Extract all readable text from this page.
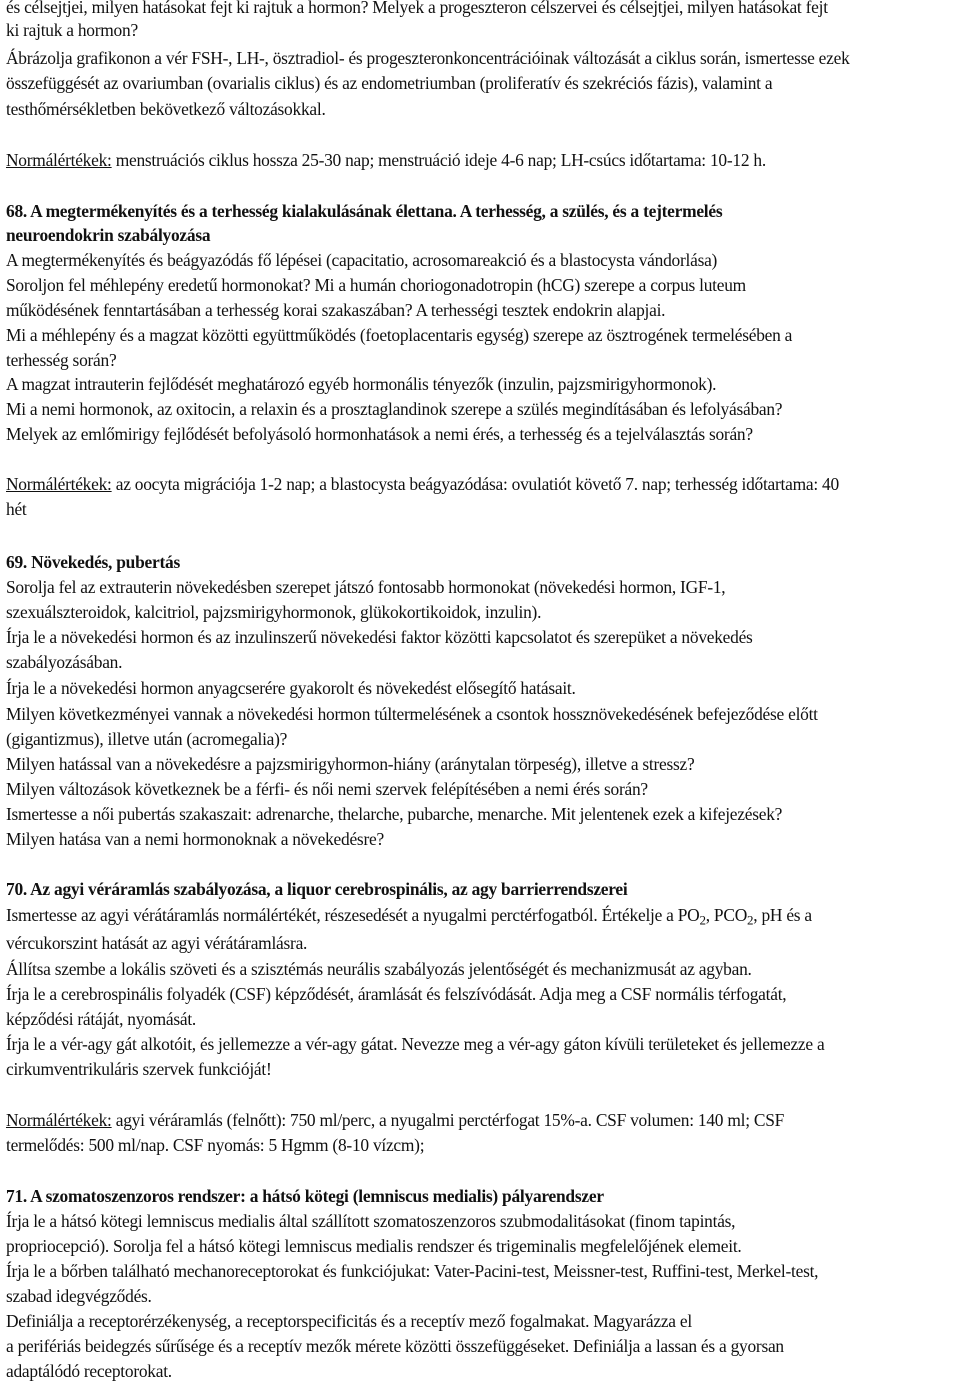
és célsejtjei, milyen hatásokat fejt ki rajtuk a hormon? Melyek a progeszteron célszervei és célsejtjei, milyen hatásokat fejt
ki rajtuk a hormon?
Ábrázolja grafikonon a vér FSH-, LH-, ösztradiol- és progeszteronkoncentrációinak változását a ciklus során, ismertesse ezek
összefüggését az ovariumban (ovarialis ciklus) és az endometriumban (proliferatív és szekréciós fázis), valamint a
testhőmérsékletben bekövetkező változásokkal.
Normálértékek: menstruációs ciklus hossza 25-30 nap; menstruáció ideje 4-6 nap; LH-csúcs időtartama: 10-12 h.
68. A megtermékenyítés és a terhesség kialakulásának élettana. A terhesség, a szülés, és a tejtermelés
neuroendokrin szabályozása
A megtermékenyítés és beágyazódás fő lépései (capacitatio, acrosomareakció és a blastocysta vándorlása)
Soroljon fel méhlepény eredetű hormonokat? Mi a humán choriogonadotropin (hCG) szerepe a corpus luteum
működésének fenntartásában a terhesség korai szakaszában? A terhességi tesztek endokrin alapjai.
Mi a méhlepény és a magzat közötti együttműködés (foetoplacentaris egység) szerepe az ösztrogének termelésében a
terhesség során?
A magzat intrauterin fejlődését meghatározó egyéb hormonális tényezők (inzulin, pajzsmirigyhormonok).
Mi a nemi hormonok, az oxitocin, a relaxin és a prosztaglandinok szerepe a szülés megindításában és lefolyásában?
Melyek az emlőmirigy fejlődését befolyásoló hormonhatások a nemi érés, a terhesség és a tejelválasztás során?
Normálértékek: az oocyta migrációja 1-2 nap; a blastocysta beágyazódása: ovulatiót követő 7. nap; terhesség időtartama: 40
hét
69. Növekedés, pubertás
Sorolja fel az extrauterin növekedésben szerepet játszó fontosabb hormonokat (növekedési hormon, IGF-1,
szexuálszteroidok, kalcitriol, pajzsmirigyhormonok, glükokortikoidok, inzulin).
Írja le a növekedési hormon és az inzulinszerű növekedési faktor közötti kapcsolatot és szerepüket a növekedés
szabályozásában.
Írja le a növekedési hormon anyagcserére gyakorolt és növekedést elősegítő hatásait.
Milyen következményei vannak a növekedési hormon túltermelésének a csontok hossznövekedésének befejeződése előtt
(gigantizmus), illetve után (acromegalia)?
Milyen hatással van a növekedésre a pajzsmirigyhormon-hiány (aránytalan törpeség), illetve a stressz?
Milyen változások következnek be a férfi- és női nemi szervek felépítésében a nemi érés során?
Ismertesse a női pubertás szakaszait: adrenarche, thelarche, pubarche, menarche. Mit jelentenek ezek a kifejezések?
Milyen hatása van a nemi hormonoknak a növekedésre?
70. Az agyi véráramlás szabályozása, a liquor cerebrospinális, az agy barrierrendszerei
Ismertesse az agyi vérátáramlás normálértékét, részesedését a nyugalmi perctérfogatból. Értékelje a $PO_2$, $PCO_2$, pH és a
vércukorszint hatását az agyi vérátáramlásra.
Állítsa szembe a lokális szöveti és a szisztémás neurális szabályozás jelentőségét és mechanizmusát az agyban.
Írja le a cerebrospinális folyadék (CSF) képződését, áramlását és felszívódását. Adja meg a CSF normális térfogatát,
képződési rátáját, nyomását.
Írja le a vér-agy gát alkotóit, és jellemezze a vér-agy gátat. Nevezze meg a vér-agy gáton kívüli területeket és jellemezze a
cirkumventrikuláris szervek funkcióját!
Normálértékek: agyi véráramlás (felnőtt): 750 ml/perc, a nyugalmi perctérfogat 15%-a. CSF volumen: 140 ml; CSF
termelődés: 500 ml/nap. CSF nyomás: 5 Hgmm (8-10 vízcm);
71. A szomatoszenzoros rendszer: a hátsó kötegi (lemniscus medialis) pályarendszer
Írja le a hátsó kötegi lemniscus medialis által szállított szomatoszenzoros szubmodalitásokat (finom tapintás,
propriocepció). Sorolja fel a hátsó kötegi lemniscus medialis rendszer és trigeminalis megfelelőjének elemeit.
Írja le a bőrben található mechanoreceptorokat és funkciójukat: Vater-Pacini-test, Meissner-test, Ruffini-test, Merkel-test,
szabad idegvégződés.
Definiálja a receptorérzékenység, a receptorspecificitás és a receptív mező fogalmakat. Magyarázza el
a perifériás beidegzés sűrűsége és a receptív mezők mérete közötti összefüggéseket. Definiálja a lassan és a gyorsan
adaptálódó receptorokat.
